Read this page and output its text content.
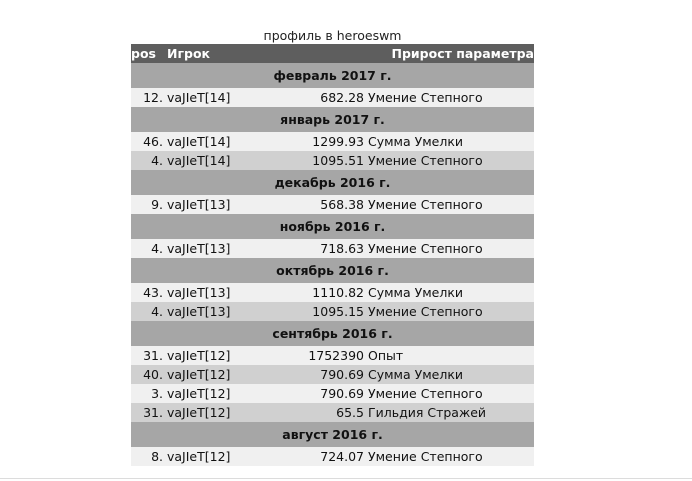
профиль в heroeswm
pos	Игрок	Прирост параметра	
февраль 2017 г.			
12.	vaJIeT[14]	682.28	Умение Степного
январь 2017 г.			
46.	vaJIeT[14]	1299.93	Сумма Умелки
4.	vaJIeT[14]	1095.51	Умение Степного
декабрь 2016 г.			
9.	vaJIeT[13]	568.38	Умение Степного
ноябрь 2016 г.			
4.	vaJIeT[13]	718.63	Умение Степного
октябрь 2016 г.			
43.	vaJIeT[13]	1110.82	Сумма Умелки
4.	vaJIeT[13]	1095.15	Умение Степного
сентябрь 2016 г.			
31.	vaJIeT[12]	1752390	Опыт
40.	vaJIeT[12]	790.69	Сумма Умелки
3.	vaJIeT[12]	790.69	Умение Степного
31.	vaJIeT[12]	65.5	Гильдия Стражей
август 2016 г.			
8.	vaJIeT[12]	724.07	Умение Степного
